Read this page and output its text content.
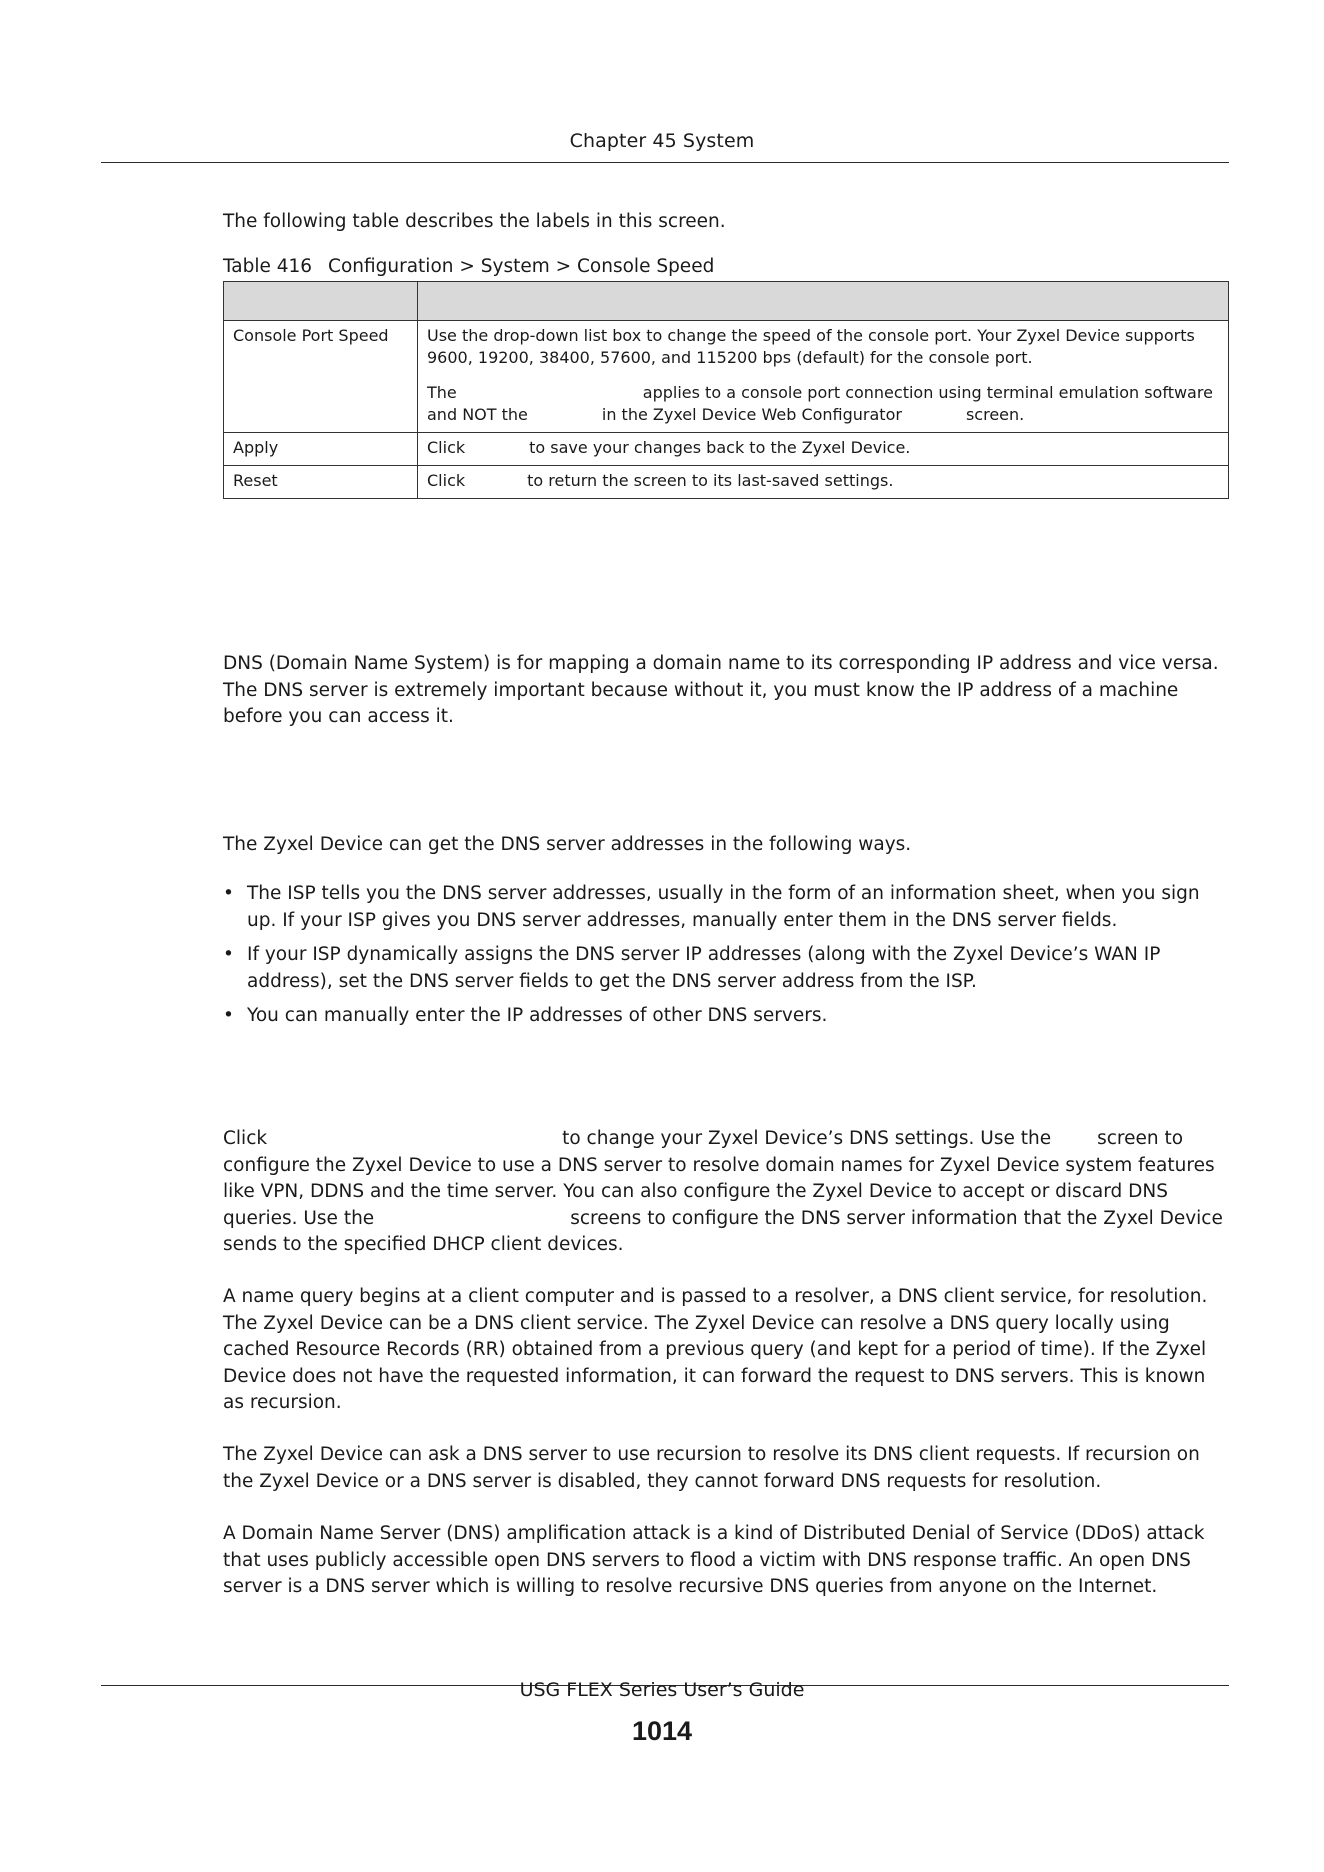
Chapter 45 System

The following table describes the labels in this screen.

Table 416 Configuration > System > Console Speed

Console Port Speed	Use the drop-down list box to change the speed of the console port. Your Zyxel Device supports 9600, 19200, 38400, 57600, and 115200 bps (default) for the console port.

The applies to a console port connection using terminal emulation software and NOT the in the Zyxel Device Web Configurator screen.

Apply	Click to save your changes back to the Zyxel Device.
Reset	Click to return the screen to its last-saved settings.

DNS (Domain Name System) is for mapping a domain name to its corresponding IP address and vice versa. The DNS server is extremely important because without it, you must know the IP address of a machine before you can access it.

The Zyxel Device can get the DNS server addresses in the following ways.

• The ISP tells you the DNS server addresses, usually in the form of an information sheet, when you sign up. If your ISP gives you DNS server addresses, manually enter them in the DNS server fields.
• If your ISP dynamically assigns the DNS server IP addresses (along with the Zyxel Device’s WAN IP address), set the DNS server fields to get the DNS server address from the ISP.
• You can manually enter the IP addresses of other DNS servers.

Click	to change your Zyxel Device’s DNS settings. Use the screen to configure the Zyxel Device to use a DNS server to resolve domain names for Zyxel Device system features like VPN, DDNS and the time server. You can also configure the Zyxel Device to accept or discard DNS queries. Use the	screens to configure the DNS server information that the Zyxel Device sends to the specified DHCP client devices.

A name query begins at a client computer and is passed to a resolver, a DNS client service, for resolution. The Zyxel Device can be a DNS client service. The Zyxel Device can resolve a DNS query locally using cached Resource Records (RR) obtained from a previous query (and kept for a period of time). If the Zyxel Device does not have the requested information, it can forward the request to DNS servers. This is known as recursion.

The Zyxel Device can ask a DNS server to use recursion to resolve its DNS client requests. If recursion on the Zyxel Device or a DNS server is disabled, they cannot forward DNS requests for resolution.

A Domain Name Server (DNS) amplification attack is a kind of Distributed Denial of Service (DDoS) attack that uses publicly accessible open DNS servers to flood a victim with DNS response traffic. An open DNS server is a DNS server which is willing to resolve recursive DNS queries from anyone on the Internet.

USG FLEX Series User’s Guide
1014
